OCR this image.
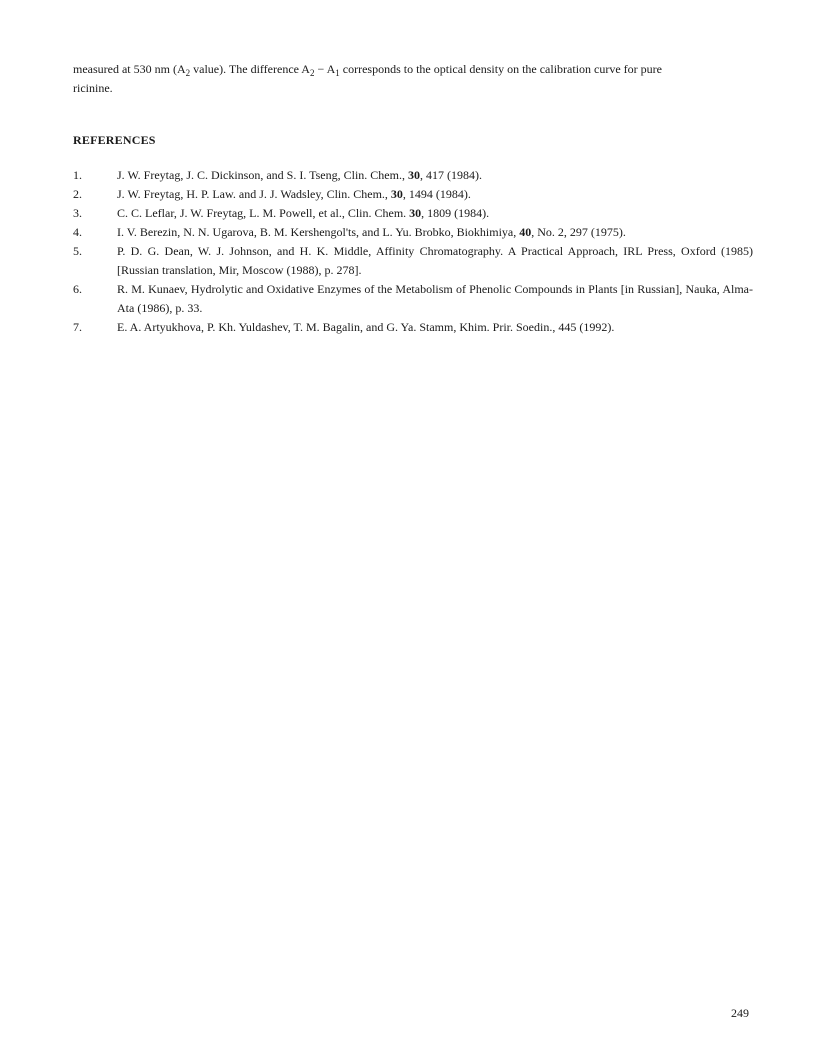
measured at 530 nm ($A_2$ value). The difference $A_2 - A_1$ corresponds to the optical density on the calibration curve for pure
ricinine.

REFERENCES
1.	J. W. Freytag, J. C. Dickinson, and S. I. Tseng, Clin. Chem., 30, 417 (1984).
2.	J. W. Freytag, H. P. Law. and J. J. Wadsley, Clin. Chem., 30, 1494 (1984).
3.	C. C. Leflar, J. W. Freytag, L. M. Powell, et al., Clin. Chem. 30, 1809 (1984).
4.	I. V. Berezin, N. N. Ugarova, B. M. Kershengol'ts, and L. Yu. Brobko, Biokhimiya, 40, No. 2, 297 (1975).
5.	P. D. G. Dean, W. J. Johnson, and H. K. Middle, Affinity Chromatography. A Practical Approach, IRL Press, Oxford (1985) [Russian translation, Mir, Moscow (1988), p. 278].
6.	R. M. Kunaev, Hydrolytic and Oxidative Enzymes of the Metabolism of Phenolic Compounds in Plants [in Russian], Nauka, Alma-Ata (1986), p. 33.
7.	E. A. Artyukhova, P. Kh. Yuldashev, T. M. Bagalin, and G. Ya. Stamm, Khim. Prir. Soedin., 445 (1992).

249
